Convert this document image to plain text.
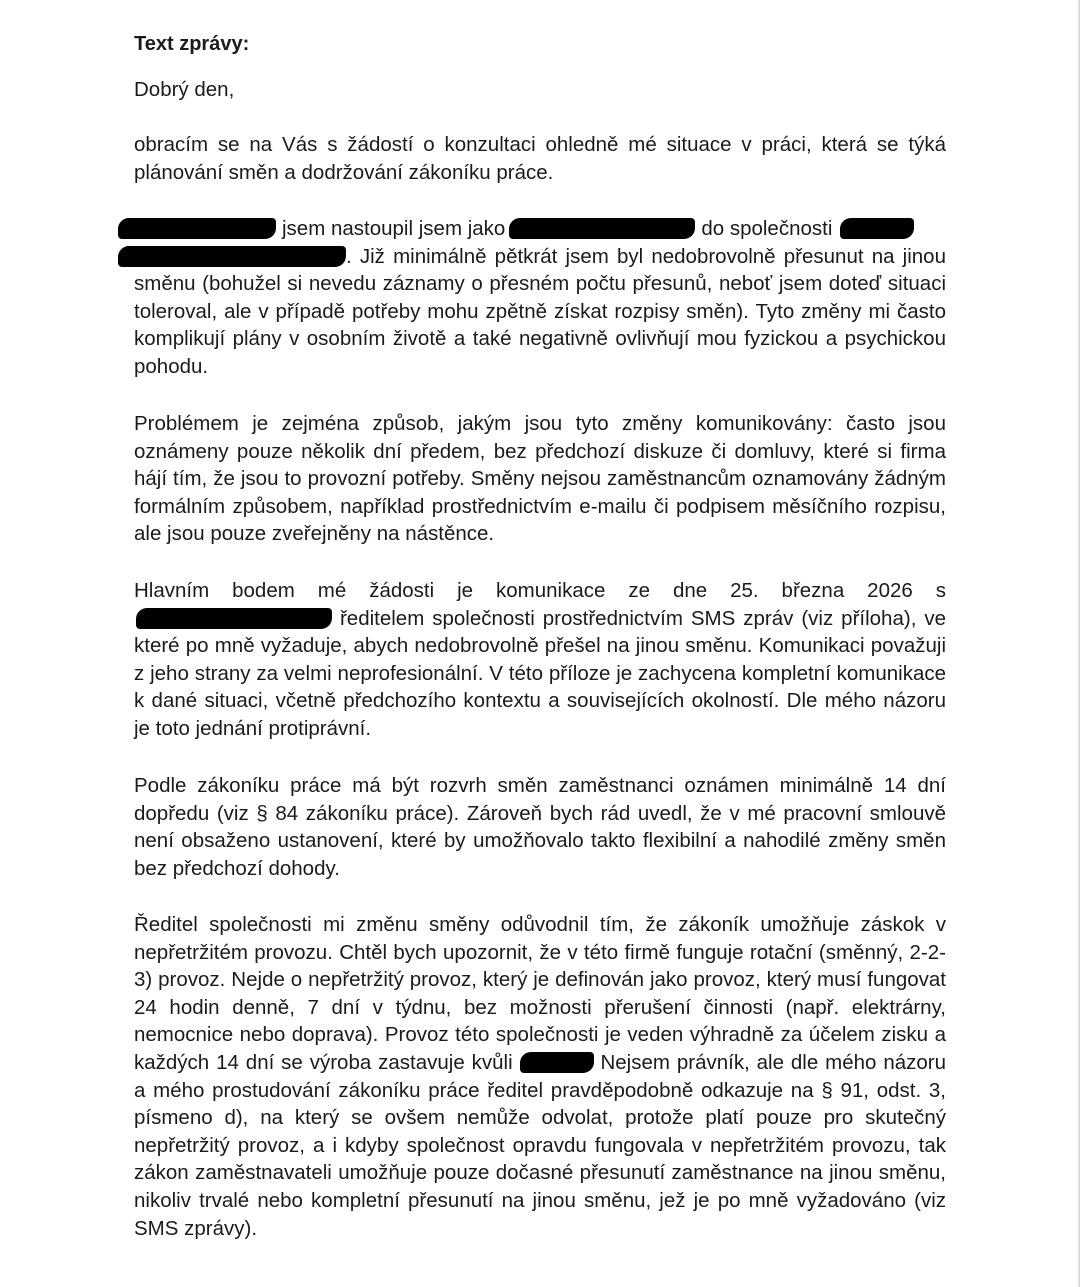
Text zprávy:
Dobrý den,

obracím se na Vás s žádostí o konzultaci ohledně mé situace v práci, která se týká plánování směn a dodržování zákoníku práce.

jsem nastoupil jsem jako	do společnosti
. Již minimálně pětkrát jsem byl nedobrovolně přesunut na jinou směnu (bohužel si nevedu záznamy o přesném počtu přesunů, neboť jsem doteď situaci toleroval, ale v případě potřeby mohu zpětně získat rozpisy směn). Tyto změny mi často komplikují plány v osobním životě a také negativně ovlivňují mou fyzickou a psychickou pohodu.

Problémem je zejména způsob, jakým jsou tyto změny komunikovány: často jsou oznámeny pouze několik dní předem, bez předchozí diskuze či domluvy, které si firma hájí tím, že jsou to provozní potřeby. Směny nejsou zaměstnancům oznamovány žádným formálním způsobem, například prostřednictvím e-mailu či podpisem měsíčního rozpisu, ale jsou pouze zveřejněny na nástěnce.

Hlavním bodem mé žádosti je komunikace ze dne 25. března 2026 s ředitelem společnosti prostřednictvím SMS zpráv (viz příloha), ve které po mně vyžaduje, abych nedobrovolně přešel na jinou směnu. Komunikaci považuji z jeho strany za velmi neprofesionální. V této příloze je zachycena kompletní komunikace k dané situaci, včetně předchozího kontextu a souvisejících okolností. Dle mého názoru je toto jednání protiprávní.

Podle zákoníku práce má být rozvrh směn zaměstnanci oznámen minimálně 14 dní dopředu (viz § 84 zákoníku práce). Zároveň bych rád uvedl, že v mé pracovní smlouvě není obsaženo ustanovení, které by umožňovalo takto flexibilní a nahodilé změny směn bez předchozí dohody.

Ředitel společnosti mi změnu směny odůvodnil tím, že zákoník umožňuje záskok v nepřetržitém provozu. Chtěl bych upozornit, že v této firmě funguje rotační (směnný, 2-2-3) provoz. Nejde o nepřetržitý provoz, který je definován jako provoz, který musí fungovat 24 hodin denně, 7 dní v týdnu, bez možnosti přerušení činnosti (např. elektrárny, nemocnice nebo doprava). Provoz této společnosti je veden výhradně za účelem zisku a každých 14 dní se výroba zastavuje kvůli	Nejsem právník, ale dle mého názoru a mého prostudování zákoníku práce ředitel pravděpodobně odkazuje na § 91, odst. 3, písmeno d), na který se ovšem nemůže odvolat, protože platí pouze pro skutečný nepřetržitý provoz, a i kdyby společnost opravdu fungovala v nepřetržitém provozu, tak zákon zaměstnavateli umožňuje pouze dočasné přesunutí zaměstnance na jinou směnu, nikoliv trvalé nebo kompletní přesunutí na jinou směnu, jež je po mně vyžadováno (viz SMS zprávy).
